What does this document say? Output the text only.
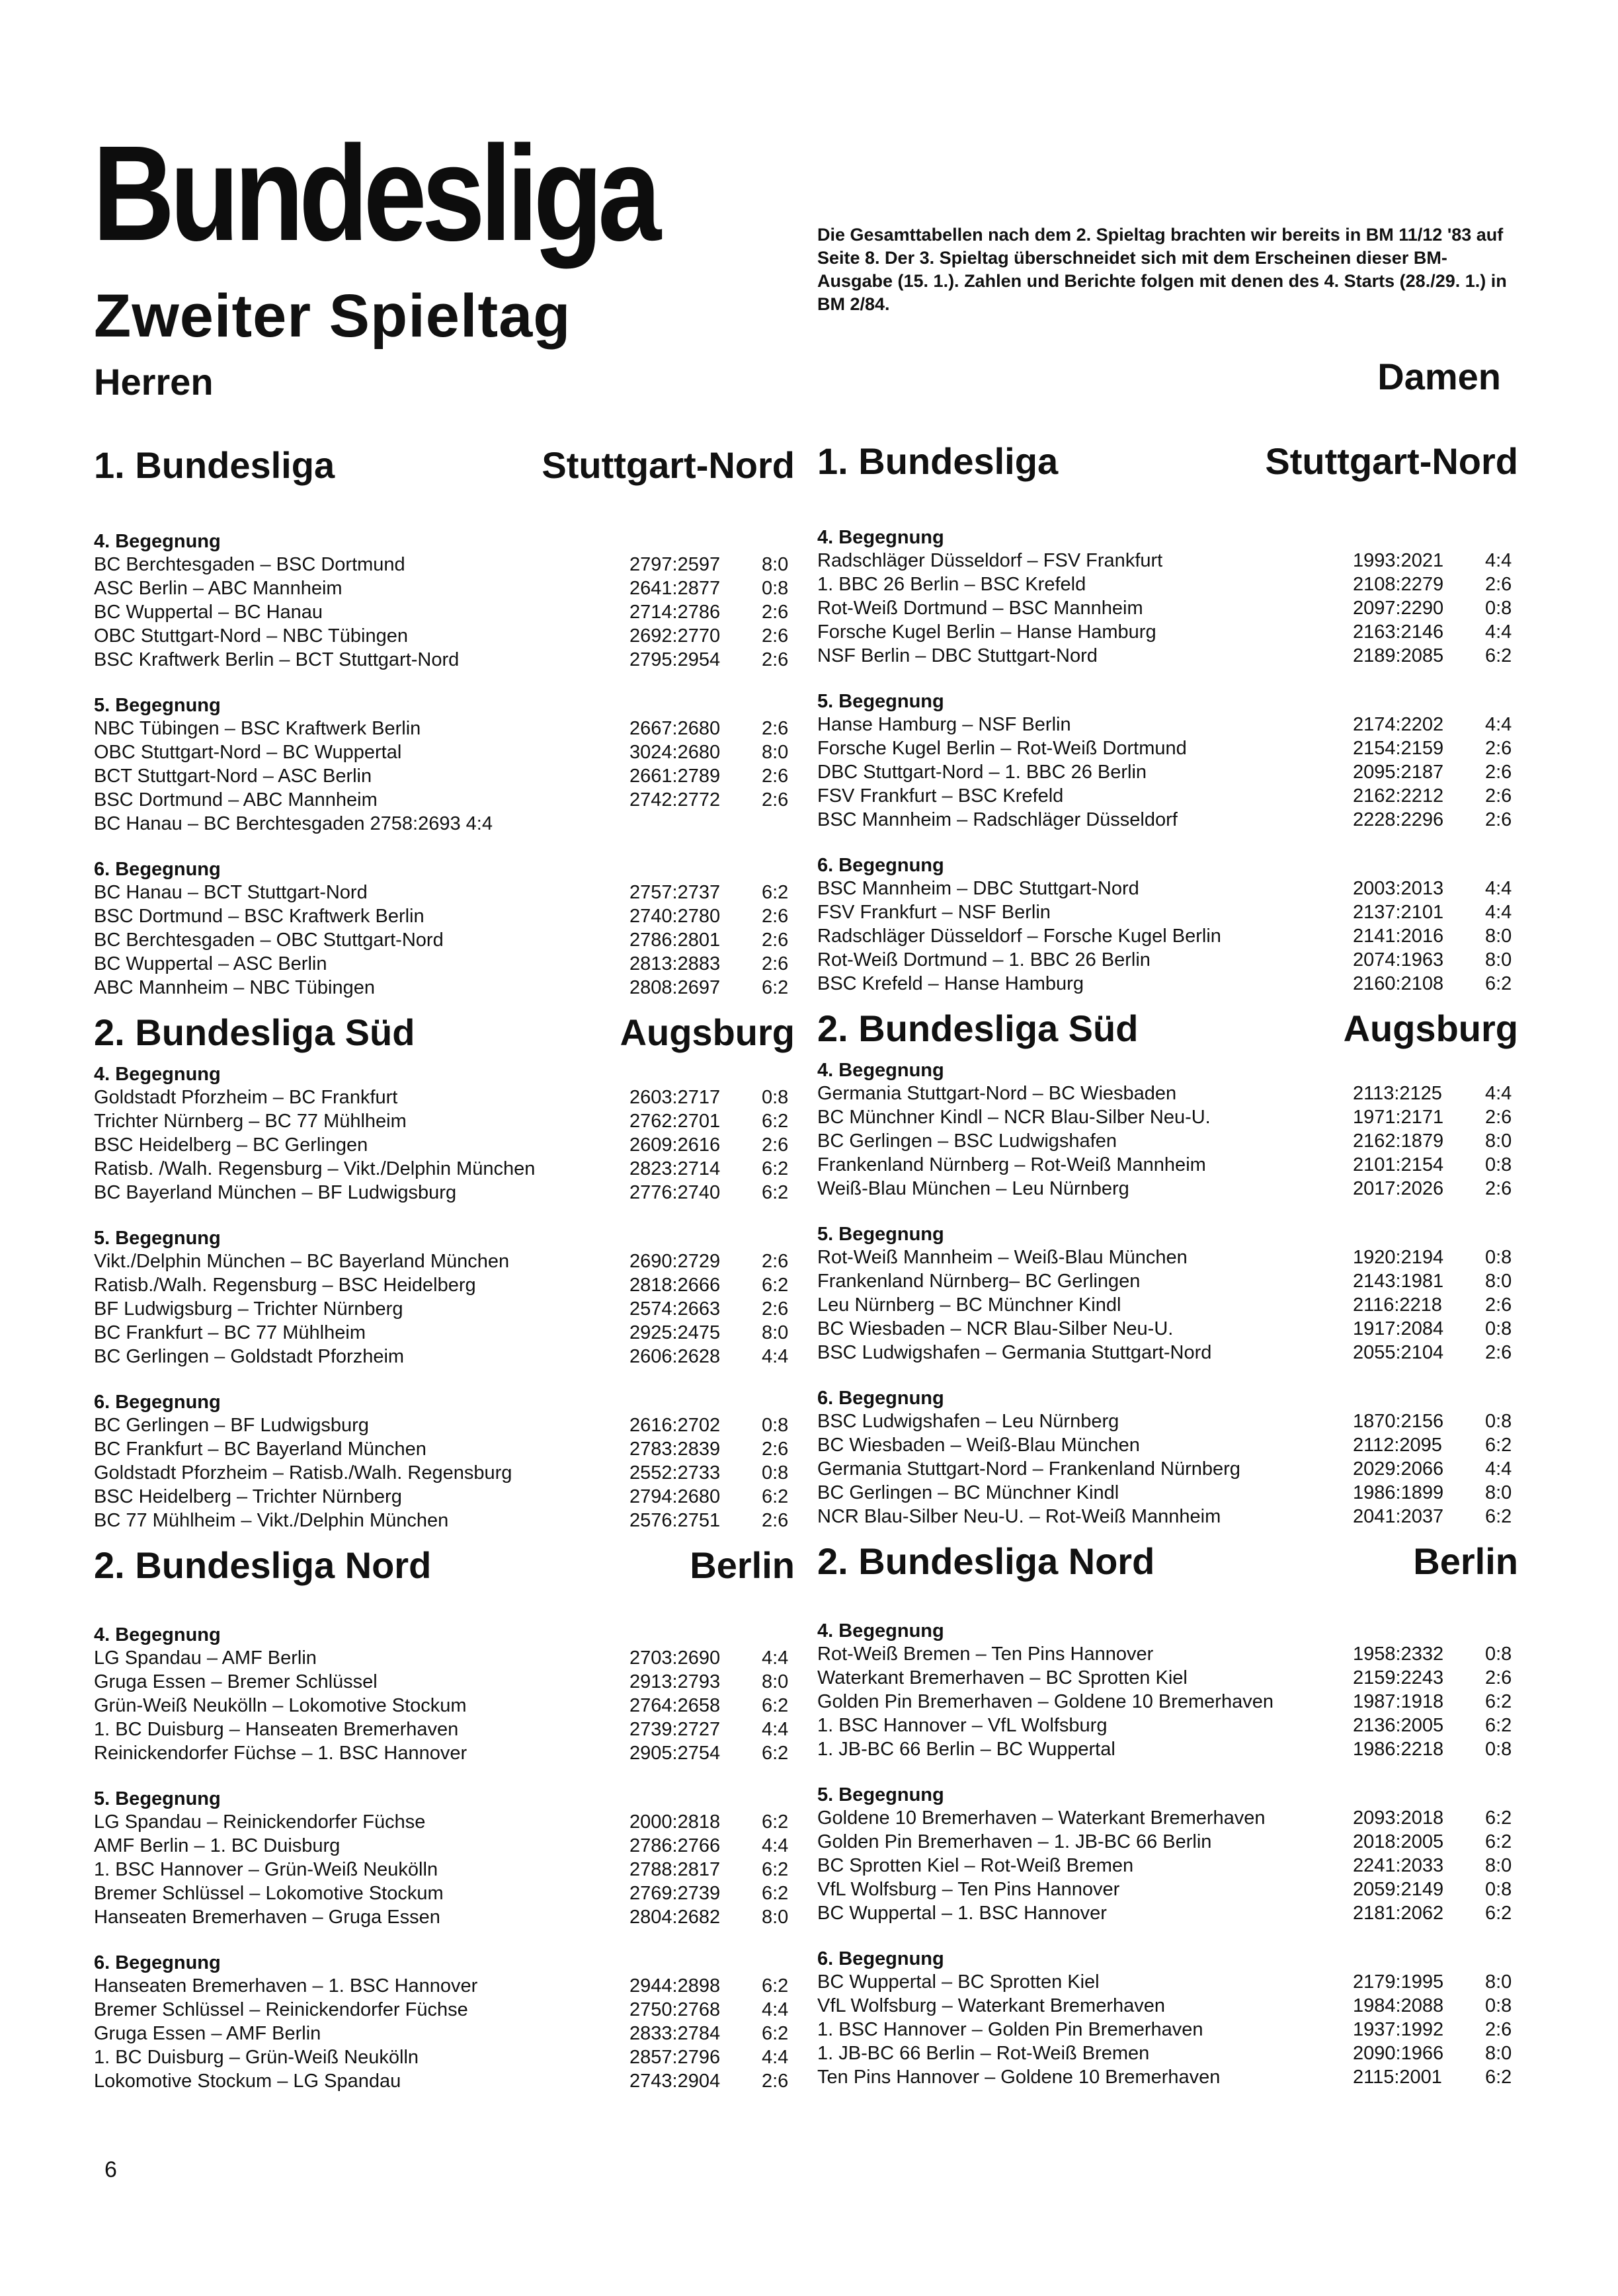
Bundesliga
Zweiter Spieltag
Herren
Die Gesamttabellen nach dem 2. Spieltag brachten wir bereits in BM 11/12 '83 auf Seite 8. Der 3. Spieltag überschneidet sich mit dem Erscheinen dieser BM-Ausgabe (15. 1.). Zahlen und Berichte folgen mit denen des 4. Starts (28./29. 1.) in BM 2/84.
Damen
1. Bundesliga	Stuttgart-Nord
4. Begegnung
BC Berchtesgaden – BSC Dortmund	2797:2597 8:0
ASC Berlin – ABC Mannheim	2641:2877 0:8
BC Wuppertal – BC Hanau	2714:2786 2:6
OBC Stuttgart-Nord – NBC Tübingen	2692:2770 2:6
BSC Kraftwerk Berlin – BCT Stuttgart-Nord	2795:2954 2:6
5. Begegnung
NBC Tübingen – BSC Kraftwerk Berlin	2667:2680 2:6
OBC Stuttgart-Nord – BC Wuppertal	3024:2680 8:0
BCT Stuttgart-Nord – ASC Berlin	2661:2789 2:6
BSC Dortmund – ABC Mannheim	2742:2772 2:6
BC Hanau – BC Berchtesgaden 2758:2693 4:4
6. Begegnung
BC Hanau – BCT Stuttgart-Nord	2757:2737 6:2
BSC Dortmund – BSC Kraftwerk Berlin	2740:2780 2:6
BC Berchtesgaden – OBC Stuttgart-Nord	2786:2801 2:6
BC Wuppertal – ASC Berlin	2813:2883 2:6
ABC Mannheim – NBC Tübingen	2808:2697 6:2
2. Bundesliga Süd	Augsburg
4. Begegnung
Goldstadt Pforzheim – BC Frankfurt	2603:2717 0:8
Trichter Nürnberg – BC 77 Mühlheim	2762:2701 6:2
BSC Heidelberg – BC Gerlingen	2609:2616 2:6
Ratisb. /Walh. Regensburg – Vikt./Delphin München	2823:2714 6:2
BC Bayerland München – BF Ludwigsburg	2776:2740 6:2
5. Begegnung
Vikt./Delphin München – BC Bayerland München	2690:2729 2:6
Ratisb./Walh. Regensburg – BSC Heidelberg	2818:2666 6:2
BF Ludwigsburg – Trichter Nürnberg	2574:2663 2:6
BC Frankfurt – BC 77 Mühlheim	2925:2475 8:0
BC Gerlingen – Goldstadt Pforzheim	2606:2628 4:4
6. Begegnung
BC Gerlingen – BF Ludwigsburg	2616:2702 0:8
BC Frankfurt – BC Bayerland München	2783:2839 2:6
Goldstadt Pforzheim – Ratisb./Walh. Regensburg	2552:2733 0:8
BSC Heidelberg – Trichter Nürnberg	2794:2680 6:2
BC 77 Mühlheim – Vikt./Delphin München	2576:2751 2:6
2. Bundesliga Nord	Berlin
4. Begegnung
LG Spandau – AMF Berlin	2703:2690 4:4
Gruga Essen – Bremer Schlüssel	2913:2793 8:0
Grün-Weiß Neukölln – Lokomotive Stockum	2764:2658 6:2
1. BC Duisburg – Hanseaten Bremerhaven	2739:2727 4:4
Reinickendorfer Füchse – 1. BSC Hannover	2905:2754 6:2
5. Begegnung
LG Spandau – Reinickendorfer Füchse	2000:2818 6:2
AMF Berlin – 1. BC Duisburg	2786:2766 4:4
1. BSC Hannover – Grün-Weiß Neukölln	2788:2817 6:2
Bremer Schlüssel – Lokomotive Stockum	2769:2739 6:2
Hanseaten Bremerhaven – Gruga Essen	2804:2682 8:0
6. Begegnung
Hanseaten Bremerhaven – 1. BSC Hannover	2944:2898 6:2
Bremer Schlüssel – Reinickendorfer Füchse	2750:2768 4:4
Gruga Essen – AMF Berlin	2833:2784 6:2
1. BC Duisburg – Grün-Weiß Neukölln	2857:2796 4:4
Lokomotive Stockum – LG Spandau	2743:2904 2:6
1. Bundesliga	Stuttgart-Nord
4. Begegnung
Radschläger Düsseldorf – FSV Frankfurt	1993:2021 4:4
1. BBC 26 Berlin – BSC Krefeld	2108:2279 2:6
Rot-Weiß Dortmund – BSC Mannheim	2097:2290 0:8
Forsche Kugel Berlin – Hanse Hamburg	2163:2146 4:4
NSF Berlin – DBC Stuttgart-Nord	2189:2085 6:2
5. Begegnung
Hanse Hamburg – NSF Berlin	2174:2202 4:4
Forsche Kugel Berlin – Rot-Weiß Dortmund	2154:2159 2:6
DBC Stuttgart-Nord – 1. BBC 26 Berlin	2095:2187 2:6
FSV Frankfurt – BSC Krefeld	2162:2212 2:6
BSC Mannheim – Radschläger Düsseldorf	2228:2296 2:6
6. Begegnung
BSC Mannheim – DBC Stuttgart-Nord	2003:2013 4:4
FSV Frankfurt – NSF Berlin	2137:2101 4:4
Radschläger Düsseldorf – Forsche Kugel Berlin	2141:2016 8:0
Rot-Weiß Dortmund – 1. BBC 26 Berlin	2074:1963 8:0
BSC Krefeld – Hanse Hamburg	2160:2108 6:2
2. Bundesliga Süd	Augsburg
4. Begegnung
Germania Stuttgart-Nord – BC Wiesbaden	2113:2125 4:4
BC Münchner Kindl – NCR Blau-Silber Neu-U.	1971:2171 2:6
BC Gerlingen – BSC Ludwigshafen	2162:1879 8:0
Frankenland Nürnberg – Rot-Weiß Mannheim	2101:2154 0:8
Weiß-Blau München – Leu Nürnberg	2017:2026 2:6
5. Begegnung
Rot-Weiß Mannheim – Weiß-Blau München	1920:2194 0:8
Frankenland Nürnberg– BC Gerlingen	2143:1981 8:0
Leu Nürnberg – BC Münchner Kindl	2116:2218 2:6
BC Wiesbaden – NCR Blau-Silber Neu-U.	1917:2084 0:8
BSC Ludwigshafen – Germania Stuttgart-Nord	2055:2104 2:6
6. Begegnung
BSC Ludwigshafen – Leu Nürnberg	1870:2156 0:8
BC Wiesbaden – Weiß-Blau München	2112:2095 6:2
Germania Stuttgart-Nord – Frankenland Nürnberg	2029:2066 4:4
BC Gerlingen – BC Münchner Kindl	1986:1899 8:0
NCR Blau-Silber Neu-U. – Rot-Weiß Mannheim	2041:2037 6:2
2. Bundesliga Nord	Berlin
4. Begegnung
Rot-Weiß Bremen – Ten Pins Hannover	1958:2332 0:8
Waterkant Bremerhaven – BC Sprotten Kiel	2159:2243 2:6
Golden Pin Bremerhaven – Goldene 10 Bremerhaven	1987:1918 6:2
1. BSC Hannover – VfL Wolfsburg	2136:2005 6:2
1. JB-BC 66 Berlin – BC Wuppertal	1986:2218 0:8
5. Begegnung
Goldene 10 Bremerhaven – Waterkant Bremerhaven	2093:2018 6:2
Golden Pin Bremerhaven – 1. JB-BC 66 Berlin	2018:2005 6:2
BC Sprotten Kiel – Rot-Weiß Bremen	2241:2033 8:0
VfL Wolfsburg – Ten Pins Hannover	2059:2149 0:8
BC Wuppertal – 1. BSC Hannover	2181:2062 6:2
6. Begegnung
BC Wuppertal – BC Sprotten Kiel	2179:1995 8:0
VfL Wolfsburg – Waterkant Bremerhaven	1984:2088 0:8
1. BSC Hannover – Golden Pin Bremerhaven	1937:1992 2:6
1. JB-BC 66 Berlin – Rot-Weiß Bremen	2090:1966 8:0
Ten Pins Hannover – Goldene 10 Bremerhaven	2115:2001 6:2
6
